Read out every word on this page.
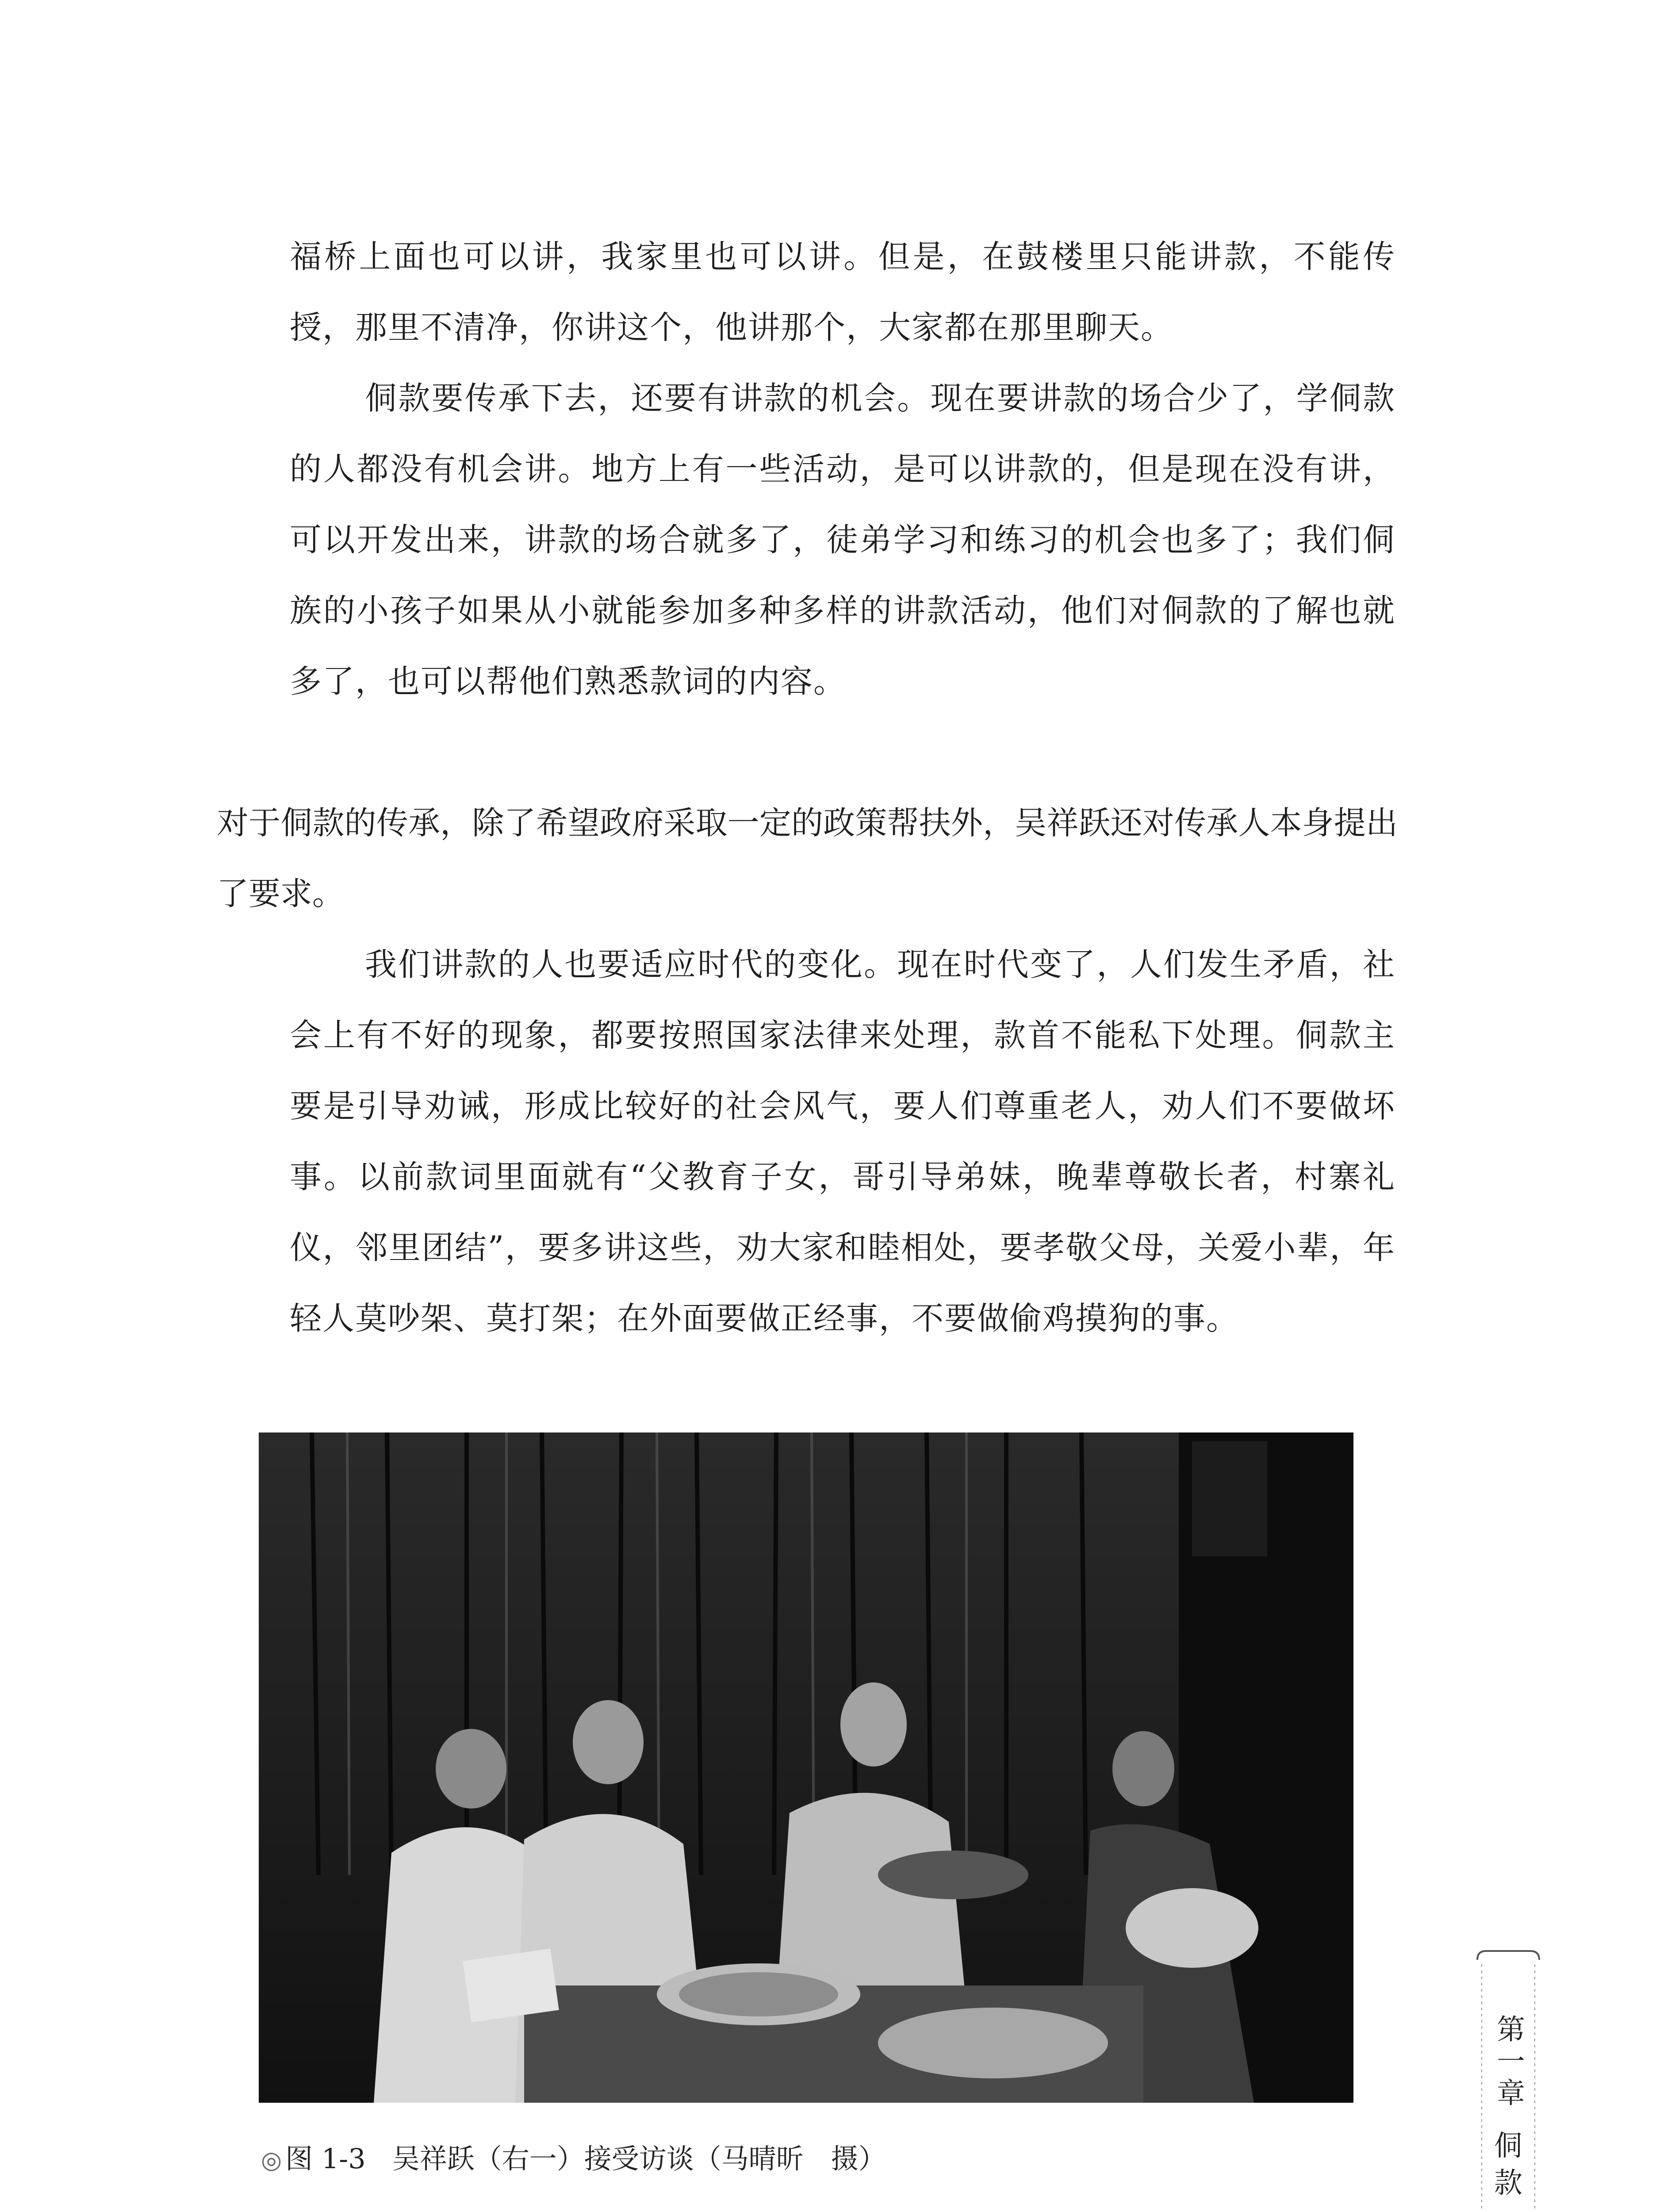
福桥上面也可以讲，我家里也可以讲。但是，在鼓楼里只能讲款，不能传授，那里不清净，你讲这个，他讲那个，大家都在那里聊天。

侗款要传承下去，还要有讲款的机会。现在要讲款的场合少了，学侗款的人都没有机会讲。地方上有一些活动，是可以讲款的，但是现在没有讲，可以开发出来，讲款的场合就多了，徒弟学习和练习的机会也多了；我们侗族的小孩子如果从小就能参加多种多样的讲款活动，他们对侗款的了解也就多了，也可以帮他们熟悉款词的内容。

对于侗款的传承，除了希望政府采取一定的政策帮扶外，吴祥跃还对传承人本身提出了要求。

我们讲款的人也要适应时代的变化。现在时代变了，人们发生矛盾，社会上有不好的现象，都要按照国家法律来处理，款首不能私下处理。侗款主要是引导劝诫，形成比较好的社会风气，要人们尊重老人，劝人们不要做坏事。以前款词里面就有“父教育子女，哥引导弟妹，晚辈尊敬长者，村寨礼仪，邻里团结”，要多讲这些，劝大家和睦相处，要孝敬父母，关爱小辈，年轻人莫吵架、莫打架；在外面要做正经事，不要做偷鸡摸狗的事。

◎ 图 1-3 吴祥跃（右一）接受访谈（马晴昕　摄）
第一章
侗
款
